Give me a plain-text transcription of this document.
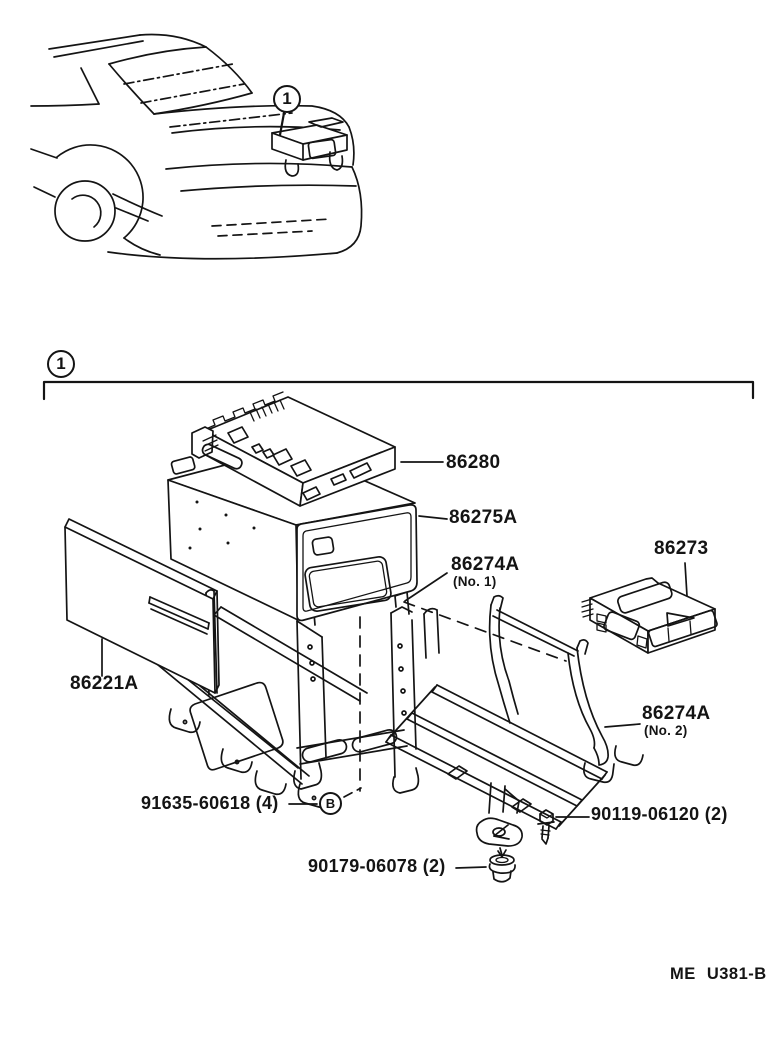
1
1
B
86280
86275A
86274A
(No. 1)
86273
86221A
86274A
(No. 2)
91635-60618 (4)
90119-06120 (2)
90179-06078 (2)
ME U381-B
